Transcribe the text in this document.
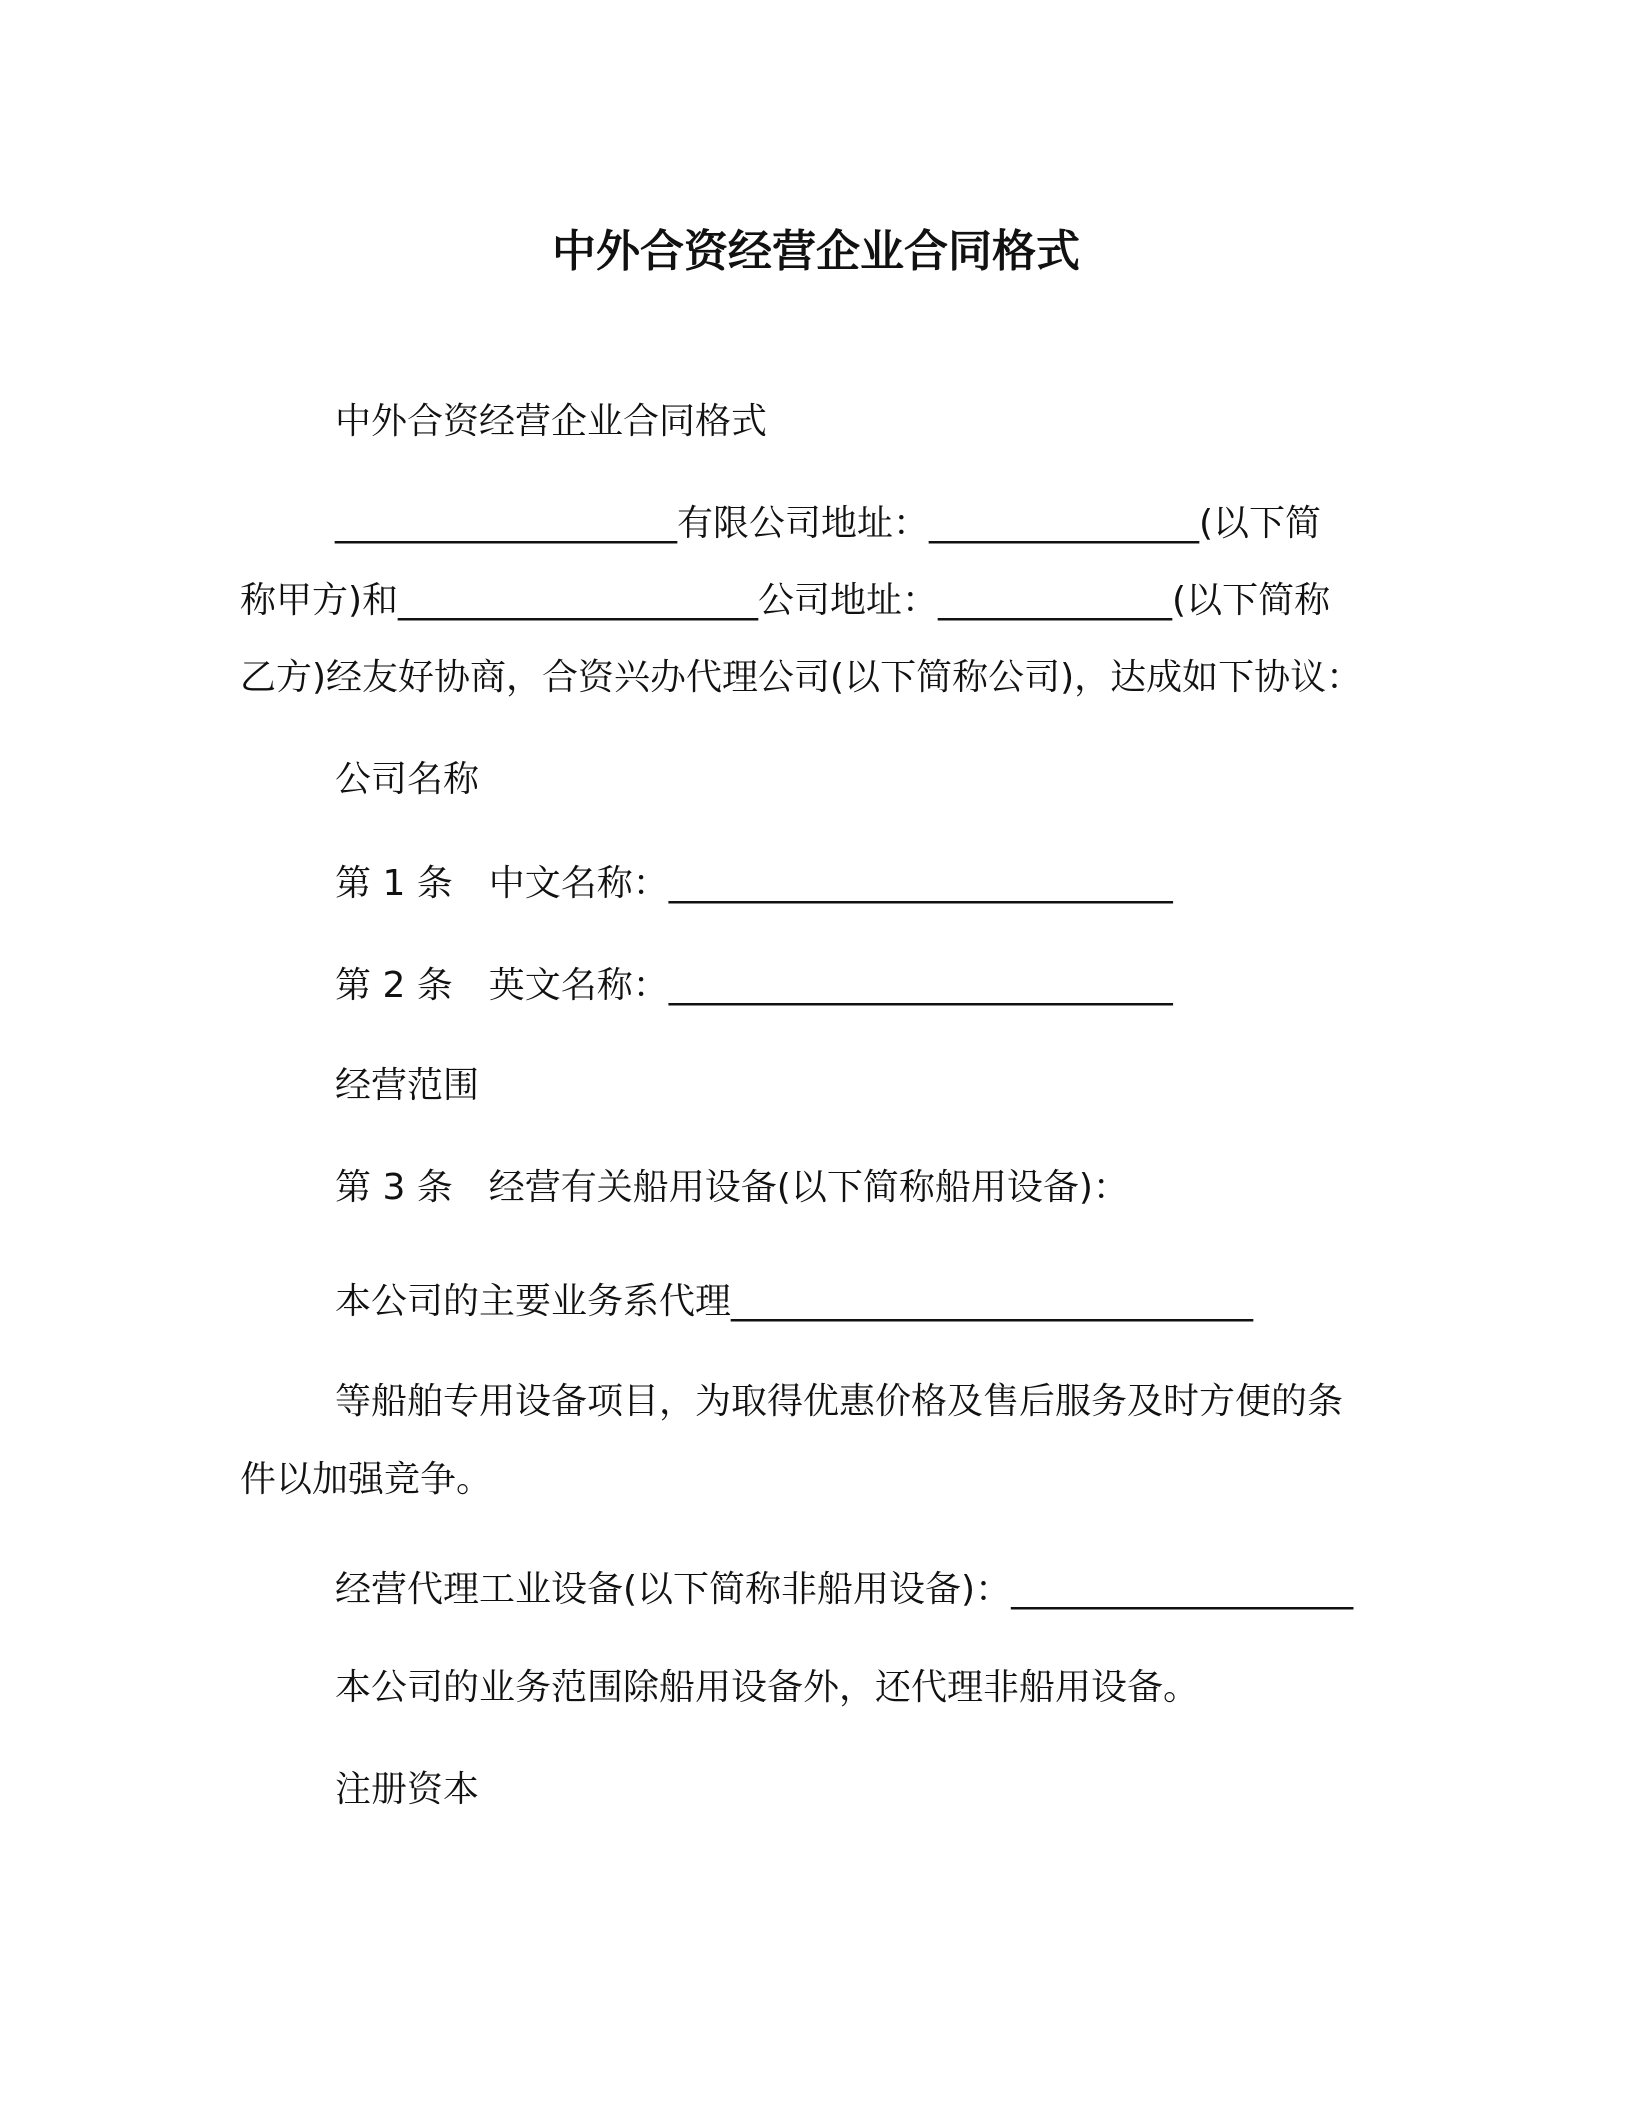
中外合资经营企业合同格式
中外合资经营企业合同格式
___________________有限公司地址：_______________(以下简
称甲方)和____________________公司地址：_____________(以下简称
乙方)经友好协商，合资兴办代理公司(以下简称公司)，达成如下协议：
公司名称
第 1 条　中文名称：____________________________
第 2 条　英文名称：____________________________
经营范围
第 3 条　经营有关船用设备(以下简称船用设备)：
本公司的主要业务系代理_____________________________
等船舶专用设备项目，为取得优惠价格及售后服务及时方便的条
件以加强竞争。
经营代理工业设备(以下简称非船用设备)：___________________
本公司的业务范围除船用设备外，还代理非船用设备。
注册资本
